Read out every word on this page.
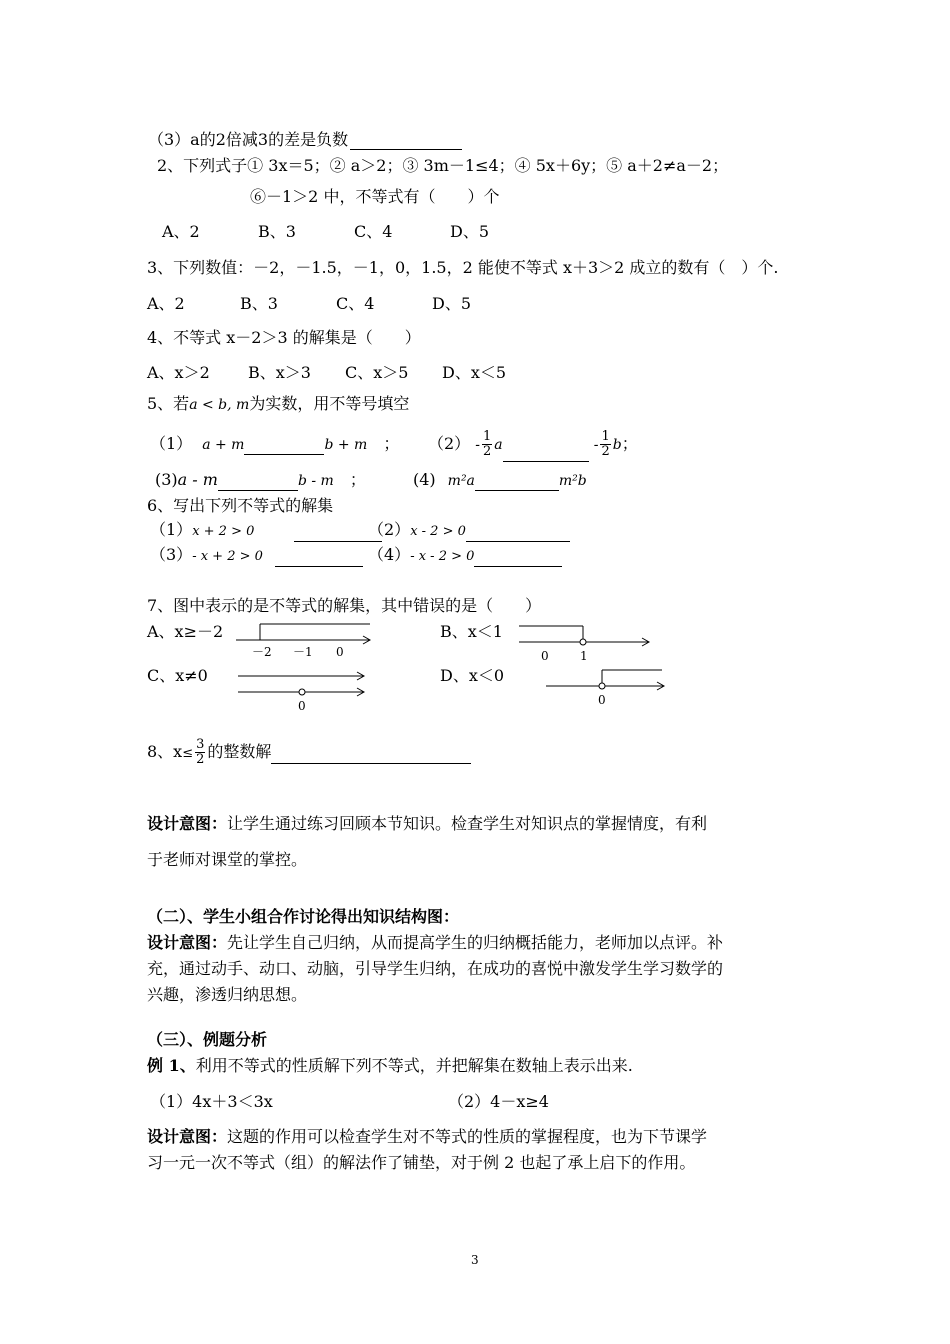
（3）a的2倍减3的差是负数
2、下列式子① 3x＝5；② a＞2；③ 3m－1≤4；④ 5x＋6y；⑤ a＋2≠a－2；
⑥－1＞2 中，不等式有（　　）个
A、2	B、3	C、4	D、5
3、下列数值：－2，－1.5，－1，0，1.5，2 能使不等式 x＋3＞2 成立的数有（　）个.
A、2	B、3	C、4	D、5
4、不等式 x－2＞3 的解集是（　　）
A、x＞2 B、x＞3 C、x＞5 D、x＜5
5、若a < b, m为实数，用不等号填空
（1） a + m	b + m ； $(2) - \frac{1}{2}$ a	- $\frac{1}{2}$ b；
(3)a - m	b - m ；	(4) m²a	m²b
6、写出下列不等式的解集
（1）x + 2 > 0	（2）x - 2 > 0
（3）- x + 2 > 0	（4）- x - 2 > 0
7、图中表示的是不等式的解集，其中错误的是（　　）
A、x≥－2	B、x＜1
C、x≠0	D、x＜0
－2 －1 0	0	1
0	0
8、$x\le \frac{3}{2}$ 的整数解
设计意图：让学生通过练习回顾本节知识。检查学生对知识点的掌握情度，有利
于老师对课堂的掌控。
（二）、学生小组合作讨论得出知识结构图：
设计意图：先让学生自己归纳，从而提高学生的归纳概括能力，老师加以点评。补
充，通过动手、动口、动脑，引导学生归纳，在成功的喜悦中激发学生学习数学的
兴趣，渗透归纳思想。
（三）、例题分析
例 1、利用不等式的性质解下列不等式，并把解集在数轴上表示出来.
（1）4x＋3＜3x	（2）4－x≥4
设计意图：这题的作用可以检查学生对不等式的性质的掌握程度，也为下节课学
习一元一次不等式（组）的解法作了铺垫，对于例 2 也起了承上启下的作用。
3
